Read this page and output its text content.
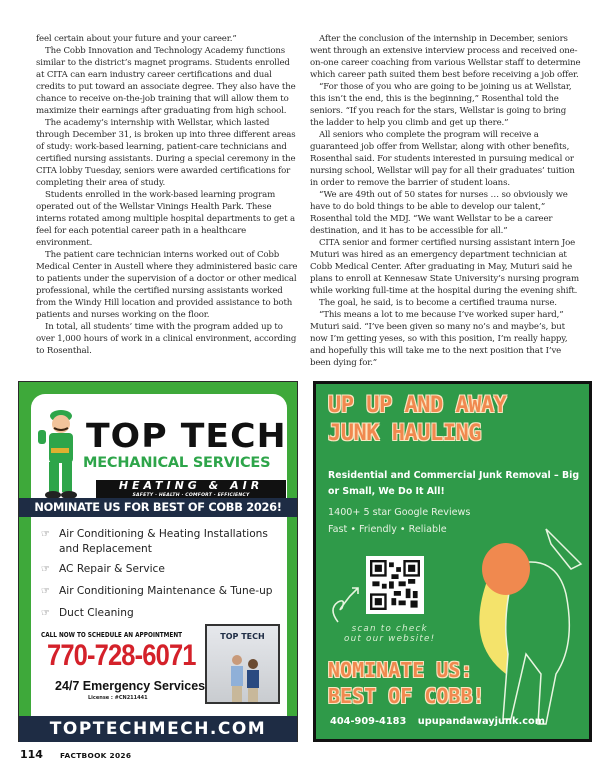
feel certain about your future and your career.”

The Cobb Innovation and Technology Academy functions similar to the district’s magnet programs. Students enrolled at CITA can earn industry career certifications and dual credits to put toward an associate degree. They also have the chance to receive on-the-job training that will allow them to maximize their earnings after graduating from high school.

The academy’s internship with Wellstar, which lasted through December 31, is broken up into three different areas of study: work-based learning, patient-care technicians and certified nursing assistants. During a special ceremony in the CITA lobby Tuesday, seniors were awarded certifications for completing their area of study.

Students enrolled in the work-based learning program operated out of the Wellstar Vinings Health Park. These interns rotated among multiple hospital departments to get a feel for each potential career path in a healthcare environment.

The patient care technician interns worked out of Cobb Medical Center in Austell where they administered basic care to patients under the supervision of a doctor or other medical professional, while the certified nursing assistants worked from the Windy Hill location and provided assistance to both patients and nurses working on the floor.

In total, all students’ time with the program added up to over 1,000 hours of work in a clinical environment, according to Rosenthal.

After the conclusion of the internship in December, seniors went through an extensive interview process and received one-on-one career coaching from various Wellstar staff to determine which career path suited them best before receiving a job offer.

“For those of you who are going to be joining us at Wellstar, this isn’t the end, this is the beginning,” Rosenthal told the seniors. “If you reach for the stars, Wellstar is going to bring the ladder to help you climb and get up there.”

All seniors who complete the program will receive a guaranteed job offer from Wellstar, along with other benefits, Rosenthal said. For students interested in pursuing medical or nursing school, Wellstar will pay for all their graduates’ tuition in order to remove the barrier of student loans.

“We are 49th out of 50 states for nurses … so obviously we have to do bold things to be able to develop our talent,” Rosenthal told the MDJ. “We want Wellstar to be a career destination, and it has to be accessible for all.”

CITA senior and former certified nursing assistant intern Joe Muturi was hired as an emergency department technician at Cobb Medical Center. After graduating in May, Muturi said he plans to enroll at Kennesaw State University’s nursing program while working full-time at the hospital during the evening shift.

The goal, he said, is to become a certified trauma nurse.

“This means a lot to me because I’ve worked super hard,” Muturi said. “I’ve been given so many no’s and maybe’s, but now I’m getting yeses, so with this position, I’m really happy, and hopefully this will take me to the next position that I’ve been dying for.”

TOP TECH
MECHANICAL SERVICES
HEATING & AIR
SAFETY · HEALTH · COMFORT · EFFICIENCY
NOMINATE US FOR BEST OF COBB 2026!
☞ Air Conditioning & Heating Installations and Replacement
☞ AC Repair & Service
☞ Air Conditioning Maintenance & Tune-up
☞ Duct Cleaning
CALL NOW TO SCHEDULE AN APPOINTMENT
770-728-6071
24/7 Emergency Services
License : #CN211441
TOP TECH
TOPTECHMECH.COM
UP UP AND AWAY
JUNK HAULING
Residential and Commercial Junk Removal – Big or Small, We Do It All!
1400+ 5 star Google Reviews
Fast • Friendly • Reliable
scan to check
out our website!
NOMINATE US:
BEST OF COBB!
404-909-4183 upupandawayjunk.com
114 FACTBOOK 2026
